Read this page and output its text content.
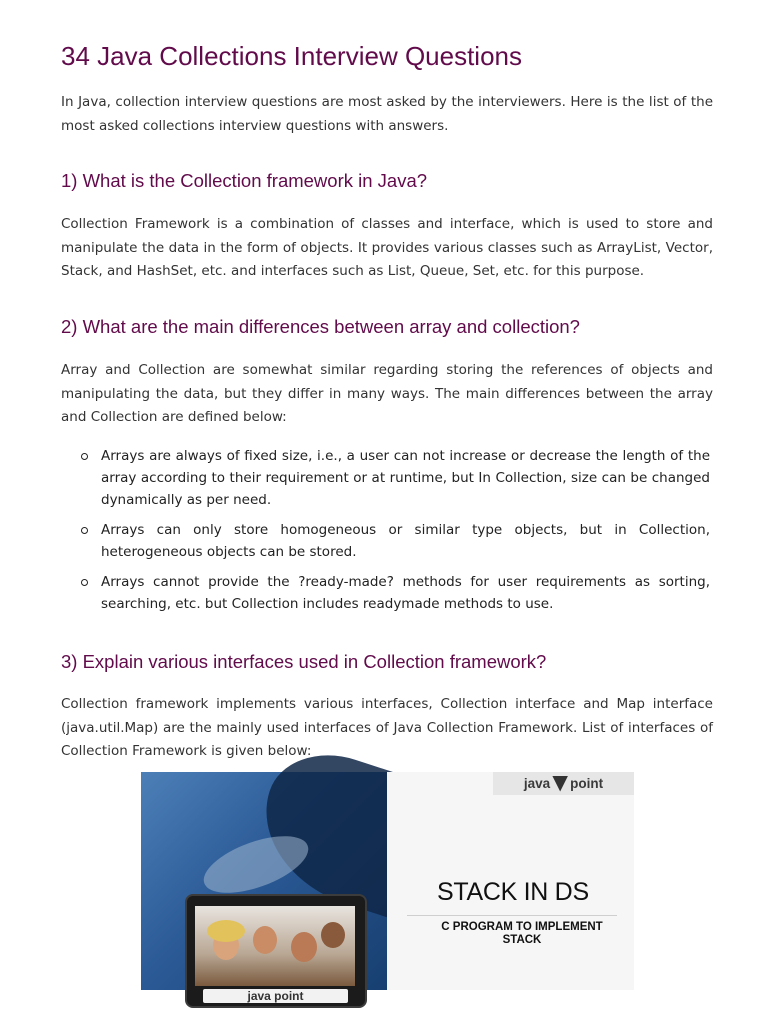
34 Java Collections Interview Questions

In Java, collection interview questions are most asked by the interviewers. Here is the list of the most asked collections interview questions with answers.

1) What is the Collection framework in Java?

Collection Framework is a combination of classes and interface, which is used to store and manipulate the data in the form of objects. It provides various classes such as ArrayList, Vector, Stack, and HashSet, etc. and interfaces such as List, Queue, Set, etc. for this purpose.

2) What are the main differences between array and collection?

Array and Collection are somewhat similar regarding storing the references of objects and manipulating the data, but they differ in many ways. The main differences between the array and Collection are defined below:

Arrays are always of fixed size, i.e., a user can not increase or decrease the length of the array according to their requirement or at runtime, but In Collection, size can be changed dynamically as per need.
Arrays can only store homogeneous or similar type objects, but in Collection, heterogeneous objects can be stored.
Arrays cannot provide the ?ready-made? methods for user requirements as sorting, searching, etc. but Collection includes readymade methods to use.
3) Explain various interfaces used in Collection framework?

Collection framework implements various interfaces, Collection interface and Map interface (java.util.Map) are the mainly used interfaces of Java Collection Framework. List of interfaces of Collection Framework is given below:

java point
java point
STACK IN DS
C PROGRAM TO IMPLEMENT STACK
